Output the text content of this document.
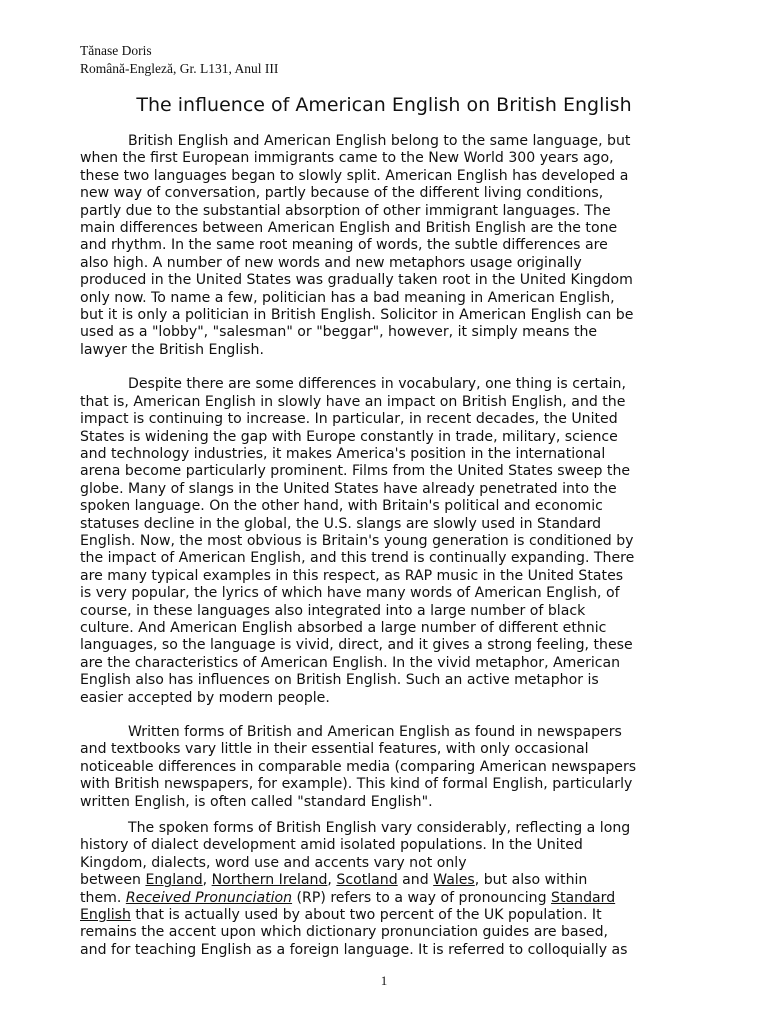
Tănase Doris
Română-Engleză, Gr. L131, Anul III
The influence of American English on British English

British English and American English belong to the same language, but
when the first European immigrants came to the New World 300 years ago,
these two languages began to slowly split. American English has developed a
new way of conversation, partly because of the different living conditions,
partly due to the substantial absorption of other immigrant languages. The
main differences between American English and British English are the tone
and rhythm. In the same root meaning of words, the subtle differences are
also high. A number of new words and new metaphors usage originally
produced in the United States was gradually taken root in the United Kingdom
only now. To name a few, politician has a bad meaning in American English,
but it is only a politician in British English. Solicitor in American English can be
used as a "lobby", "salesman" or "beggar", however, it simply means the
lawyer the British English.

Despite there are some differences in vocabulary, one thing is certain,
that is, American English in slowly have an impact on British English, and the
impact is continuing to increase. In particular, in recent decades, the United
States is widening the gap with Europe constantly in trade, military, science
and technology industries, it makes America's position in the international
arena become particularly prominent. Films from the United States sweep the
globe. Many of slangs in the United States have already penetrated into the
spoken language. On the other hand, with Britain's political and economic
statuses decline in the global, the U.S. slangs are slowly used in Standard
English. Now, the most obvious is Britain's young generation is conditioned by
the impact of American English, and this trend is continually expanding. There
are many typical examples in this respect, as RAP music in the United States
is very popular, the lyrics of which have many words of American English, of
course, in these languages also integrated into a large number of black
culture. And American English absorbed a large number of different ethnic
languages, so the language is vivid, direct, and it gives a strong feeling, these
are the characteristics of American English. In the vivid metaphor, American
English also has influences on British English. Such an active metaphor is
easier accepted by modern people.

Written forms of British and American English as found in newspapers
and textbooks vary little in their essential features, with only occasional
noticeable differences in comparable media (comparing American newspapers
with British newspapers, for example). This kind of formal English, particularly
written English, is often called "standard English".

The spoken forms of British English vary considerably, reflecting a long
history of dialect development amid isolated populations. In the United
Kingdom, dialects, word use and accents vary not only
between England, Northern Ireland, Scotland and Wales, but also within
them. Received Pronunciation (RP) refers to a way of pronouncing Standard
English that is actually used by about two percent of the UK population. It
remains the accent upon which dictionary pronunciation guides are based,
and for teaching English as a foreign language. It is referred to colloquially as

1
